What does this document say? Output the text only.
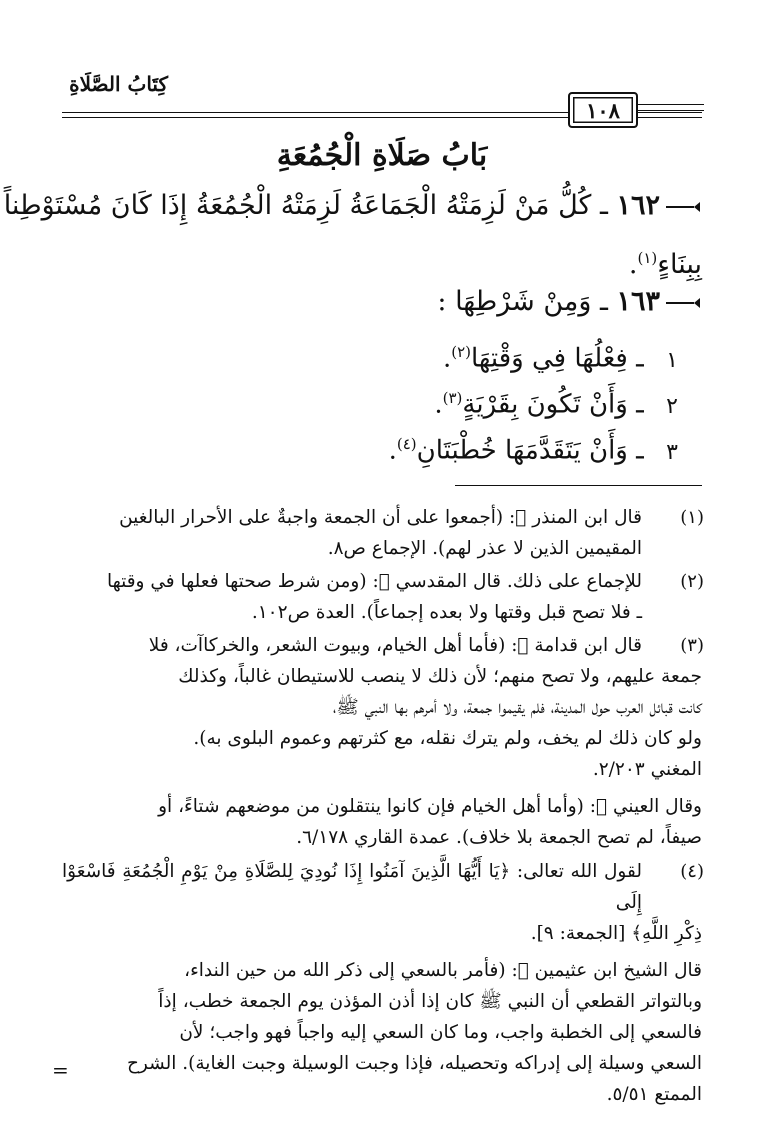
كِتَابُ الصَّلَاةِ
١٠٨
بَابُ صَلَاةِ الْجُمُعَةِ
١٦٢ ـ كُلُّ مَنْ لَزِمَتْهُ الْجَمَاعَةُ لَزِمَتْهُ الْجُمُعَةُ إِذَا كَانَ مُسْتَوْطِناً
بِبِنَاءٍ$^{(١)}$.
١٦٣ ـ وَمِنْ شَرْطِهَا :
١ ـ فِعْلُهَا فِي وَقْتِهَا$^{(٢)}$.
٢ ـ وَأَنْ تَكُونَ بِقَرْيَةٍ$^{(٣)}$.
٣ ـ وَأَنْ يَتَقَدَّمَهَا خُطْبَتَانِ$^{(٤)}$.
(١)
قال ابن المنذر ﷬: (أجمعوا على أن الجمعة واجبةٌ على الأحرار البالغين
المقيمين الذين لا عذر لهم). الإجماع ص٨.
(٢)
للإجماع على ذلك. قال المقدسي ﷬: (ومن شرط صحتها فعلها في وقتها
ـ فلا تصح قبل وقتها ولا بعده إجماعاً). العدة ص١٠٢.
(٣)
قال ابن قدامة ﷬: (فأما أهل الخيام، وبيوت الشعر، والخركاآت، فلا
جمعة عليهم، ولا تصح منهم؛ لأن ذلك لا ينصب للاستيطان غالباً، وكذلك
كانت قبائل العرب حول المدينة، فلم يقيموا جمعة، ولا أمرهم بها النبي ﷺ،
ولو كان ذلك لم يخف، ولم يترك نقله، مع كثرتهم وعموم البلوى به).
المغني ٢/٢٠٣.
وقال العيني ﷬: (وأما أهل الخيام فإن كانوا ينتقلون من موضعهم شتاءً، أو
صيفاً، لم تصح الجمعة بلا خلاف). عمدة القاري ٦/١٧٨.
(٤)
لقول الله تعالى: ﴿يَا أَيُّهَا الَّذِينَ آمَنُوا إِذَا نُودِيَ لِلصَّلَاةِ مِنْ يَوْمِ الْجُمُعَةِ فَاسْعَوْا إِلَى
ذِكْرِ اللَّهِ﴾ [الجمعة: ٩].
قال الشيخ ابن عثيمين ﷬: (فأمر بالسعي إلى ذكر الله من حين النداء،
وبالتواتر القطعي أن النبي ﷺ كان إذا أذن المؤذن يوم الجمعة خطب، إذاً
فالسعي إلى الخطبة واجب، وما كان السعي إليه واجباً فهو واجب؛ لأن
السعي وسيلة إلى إدراكه وتحصيله، فإذا وجبت الوسيلة وجبت الغاية). الشرح
الممتع ٥/٥١.
=
